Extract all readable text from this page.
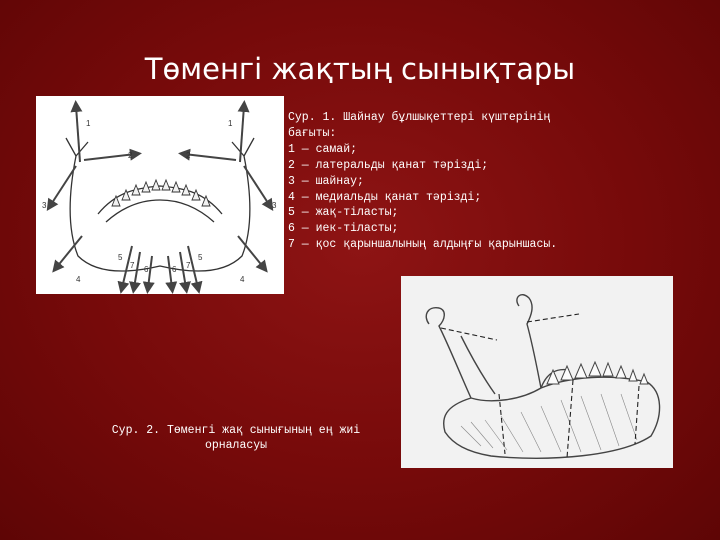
Төменгі жақтың сынықтары
1	1
2	2
3	3
4	4
5	5
6	6
7	7
Сур. 1. Шайнау бұлшықеттері күштерінің
бағыты:
1 — самай;
2 — латеральды қанат тәрізді;
3 — шайнау;
4 — медиальды қанат тәрізді;
5 — жақ-тіласты;
6 — иек-тіласты;
7 — қос қарыншалының алдыңғы қарыншасы.
Сур. 2. Төменгі жақ сынығының ең жиі
орналасуы
